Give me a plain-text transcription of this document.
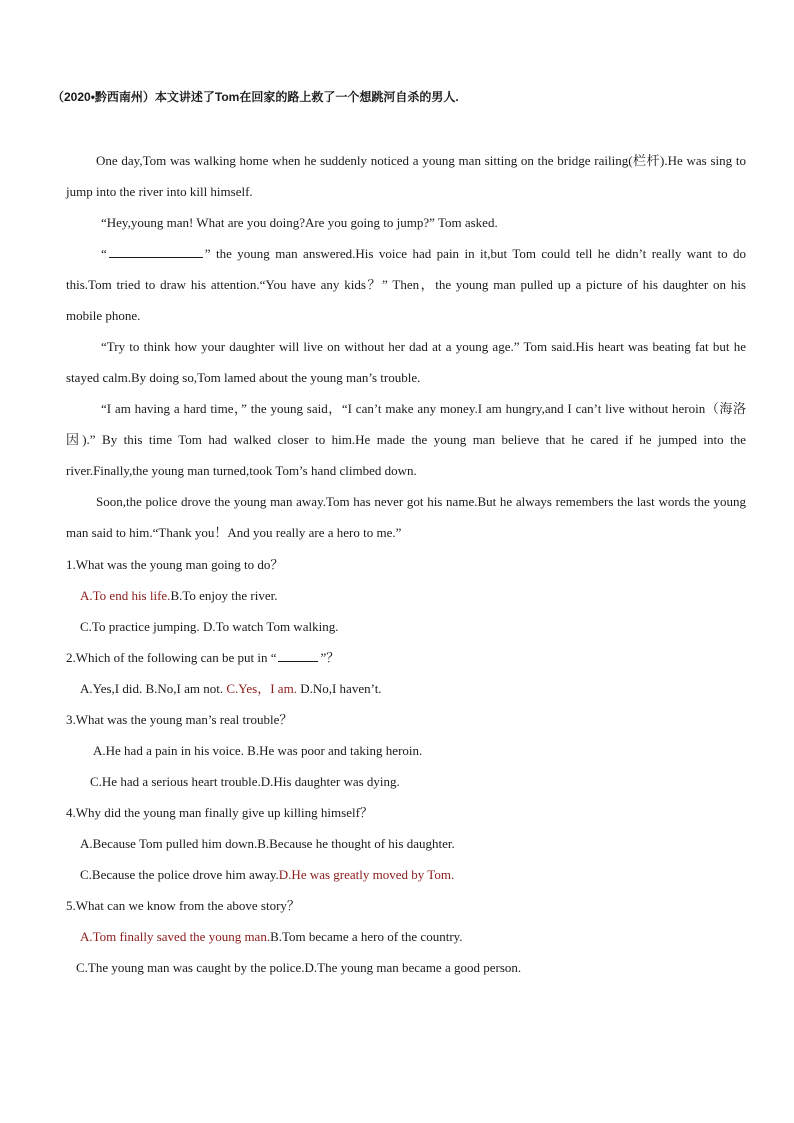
（2020•黔西南州）本文讲述了Tom在回家的路上救了一个想跳河自杀的男人.

One day,Tom was walking home when he suddenly noticed a young man sitting on the bridge railing(栏杆).He was sing to jump into the river into kill himself.

“Hey,young man! What are you doing?Are you going to jump?” Tom asked.

“	” the young man answered.His voice had pain in it,but Tom could tell he didn’t really want to do this.Tom tried to draw his attention.“You have any kids？” Then，the young man pulled up a picture of his daughter on his mobile phone.

“Try to think how your daughter will live on without her dad at a young age.” Tom said.His heart was beating fat but he stayed calm.By doing so,Tom lamed about the young man’s trouble.

“I am having a hard time，” the young said，“I can’t make any money.I am hungry,and I can’t live without heroin（海洛因).” By this time Tom had walked closer to him.He made the young man believe that he cared if he jumped into the river.Finally,the young man turned,took Tom’s hand climbed down.

Soon,the police drove the young man away.Tom has never got his name.But he always remembers the last words the young man said to him.“Thank you！And you really are a hero to me.”

1.What was the young man going to do？

A.To end his life.B.To enjoy the river.

C.To practice jumping. D.To watch Tom walking.

2.Which of the following can be put in “	”？

A.Yes,I did. B.No,I am not. C.Yes，I am. D.No,I haven’t.

3.What was the young man’s real trouble？

A.He had a pain in his voice. B.He was poor and taking heroin.

C.He had a serious heart trouble.D.His daughter was dying.

4.Why did the young man finally give up killing himself？

A.Because Tom pulled him down.B.Because he thought of his daughter.

C.Because the police drove him away.D.He was greatly moved by Tom.

5.What can we know from the above story？

A.Tom finally saved the young man.B.Tom became a hero of the country.

C.The young man was caught by the police.D.The young man became a good person.
